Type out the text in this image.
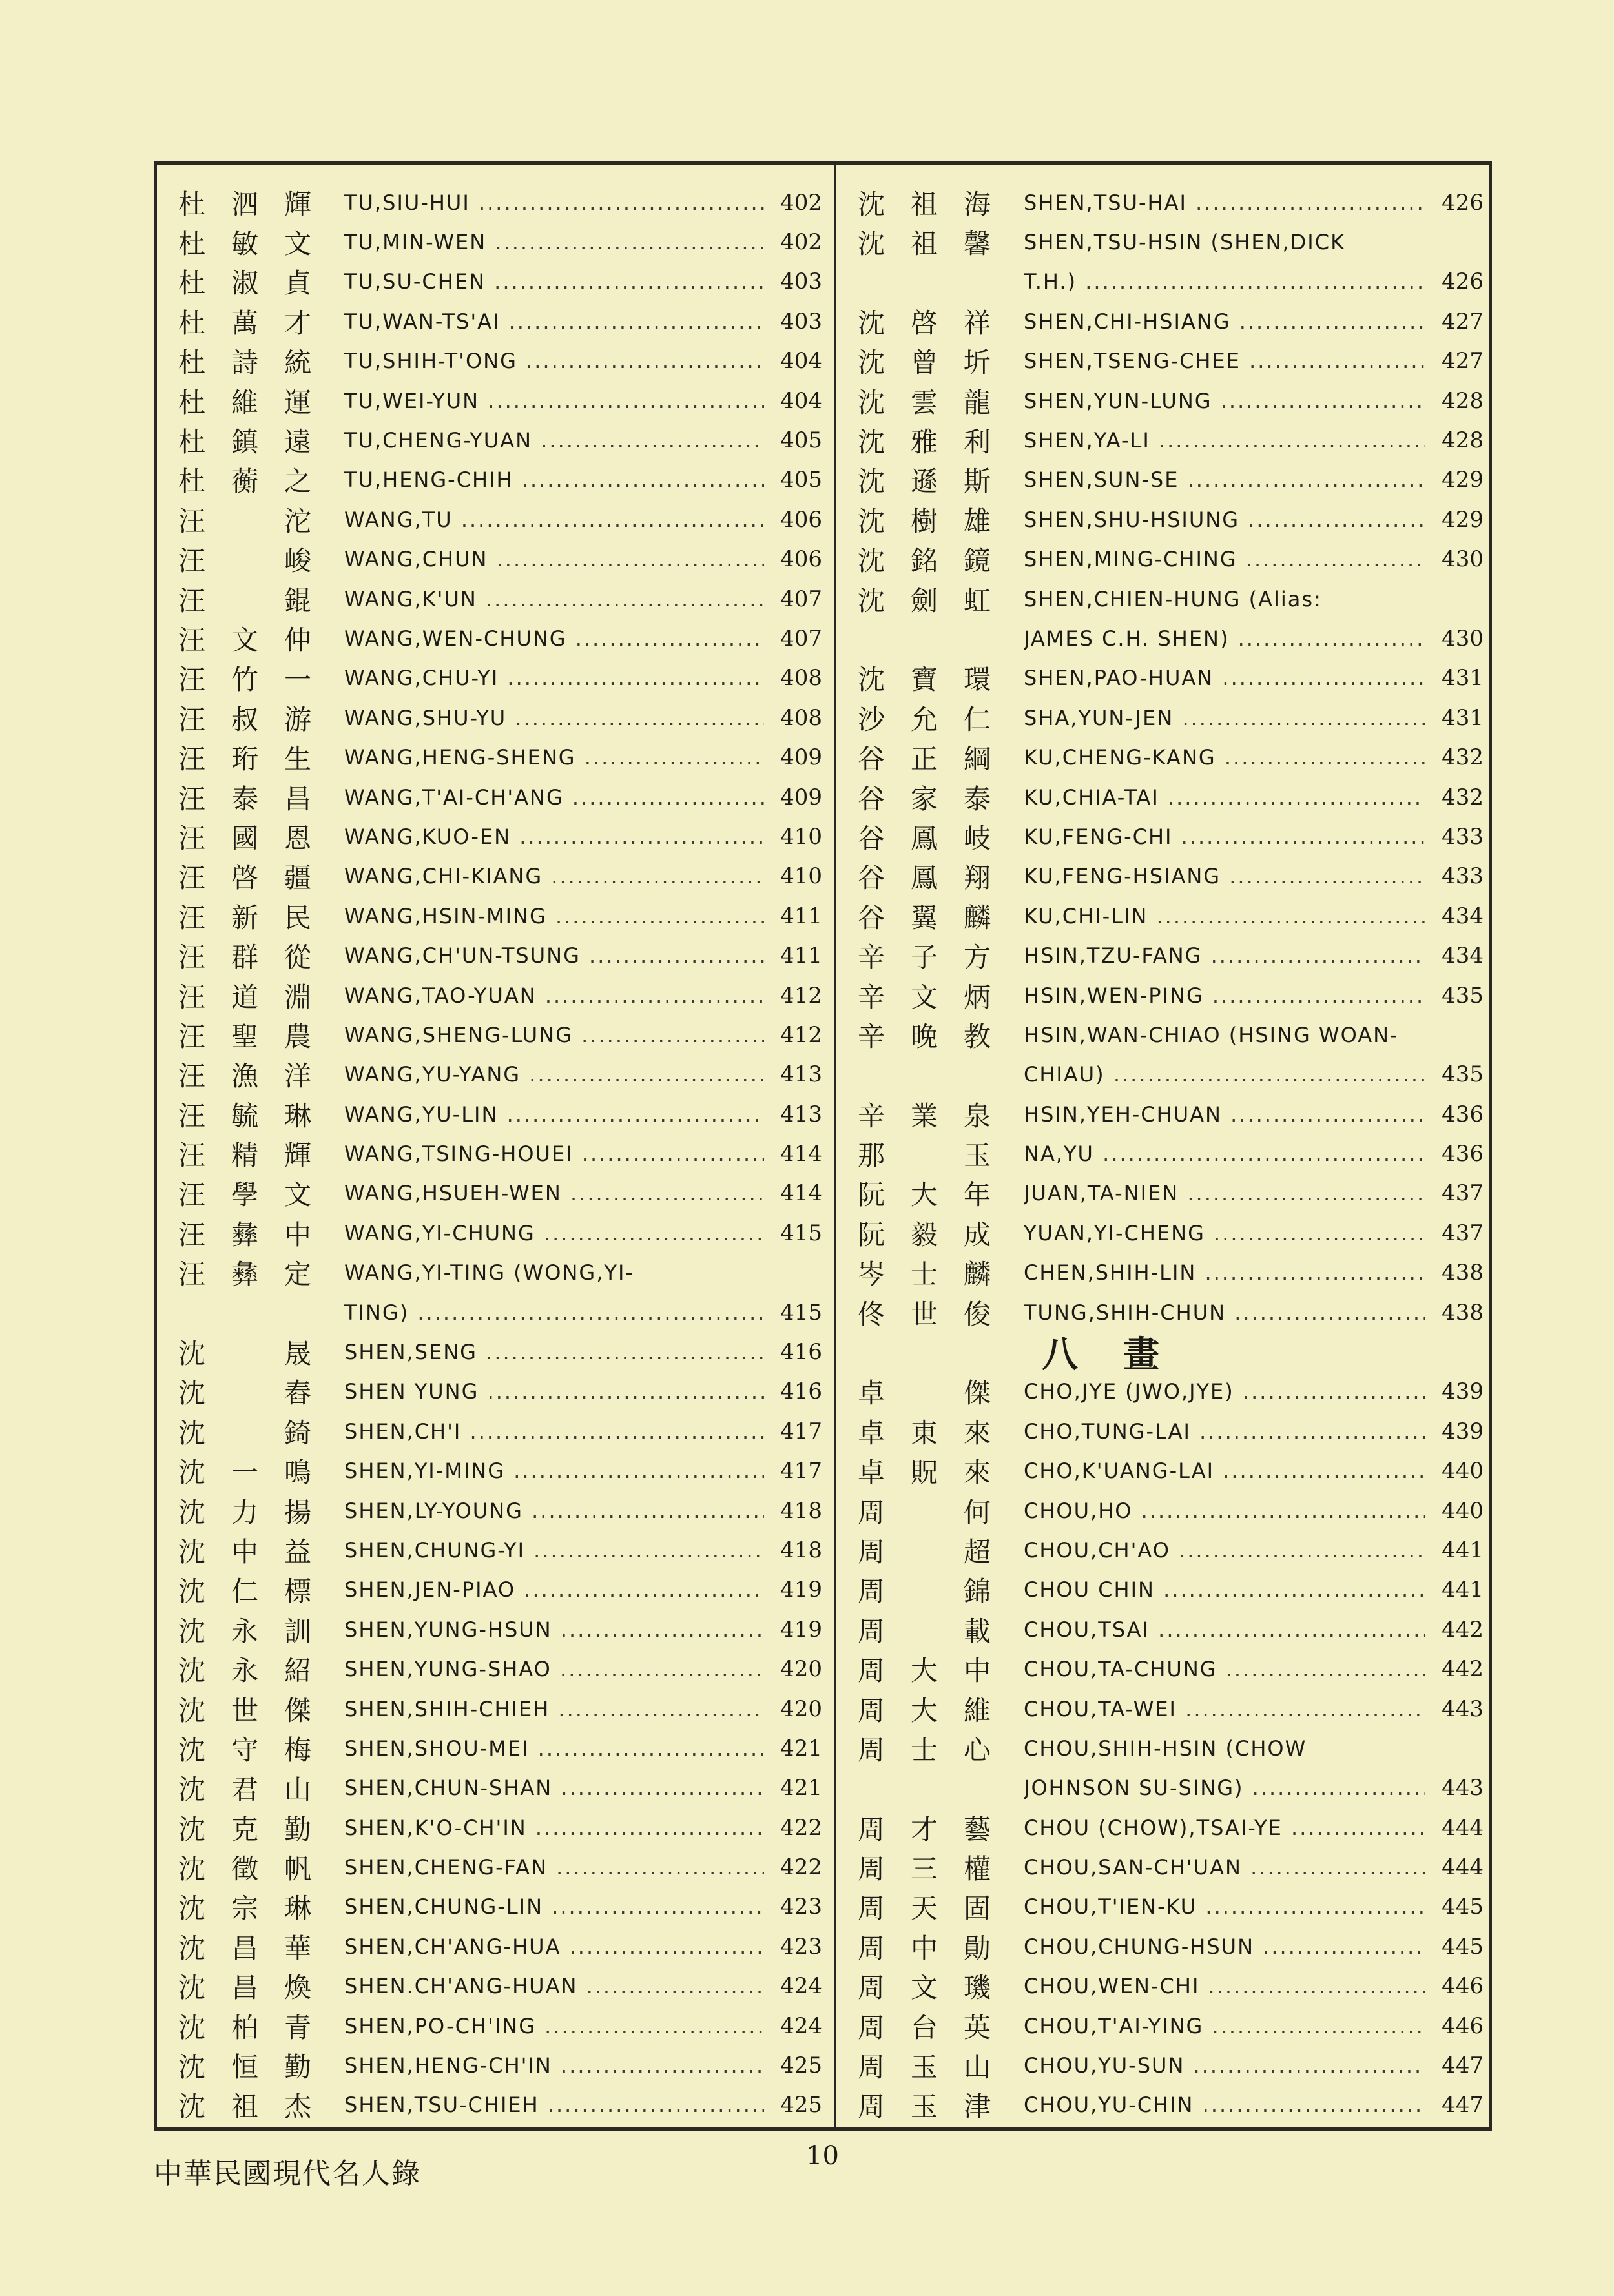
杜 泗 輝	TU,SIU-HUI .....	402
杜 敏 文	TU,MIN-WEN .....	402
杜 淑 貞	TU,SU-CHEN .....	403
杜 萬 才	TU,WAN-TS'AI .....	403
杜 詩 統	TU,SHIH-T'ONG .....	404
杜 維 運	TU,WEI-YUN .....	404
杜 鎮 遠	TU,CHENG-YUAN .....	405
杜 蘅 之	TU,HENG-CHIH .....	405
汪	沱	WANG,TU .....	406
汪	峻	WANG,CHUN .....	406
汪	錕	WANG,K'UN .....	407
汪 文 仲	WANG,WEN-CHUNG .....	407
汪 竹 一	WANG,CHU-YI .....	408
汪 叔 游	WANG,SHU-YU .....	408
汪 珩 生	WANG,HENG-SHENG .....	409
汪 泰 昌	WANG,T'AI-CH'ANG .....	409
汪 國 恩	WANG,KUO-EN .....	410
汪 啓 疆	WANG,CHI-KIANG .....	410
汪 新 民	WANG,HSIN-MING .....	411
汪 群 從	WANG,CH'UN-TSUNG .....	411
汪 道 淵	WANG,TAO-YUAN .....	412
汪 聖 農	WANG,SHENG-LUNG .....	412
汪 漁 洋	WANG,YU-YANG .....	413
汪 毓 琳	WANG,YU-LIN .....	413
汪 精 輝	WANG,TSING-HOUEI .....	414
汪 學 文	WANG,HSUEH-WEN .....	414
汪 彝 中	WANG,YI-CHUNG .....	415
汪 彝 定	WANG,YI-TING (WONG,YI-
TING) .....	415
沈	晟	SHEN,SENG .....	416
沈	舂	SHEN YUNG .....	416
沈	錡	SHEN,CH'I .....	417
沈 一 鳴	SHEN,YI-MING .....	417
沈 力 揚	SHEN,LY-YOUNG .....	418
沈 中 益	SHEN,CHUNG-YI .....	418
沈 仁 標	SHEN,JEN-PIAO .....	419
沈 永 訓	SHEN,YUNG-HSUN .....	419
沈 永 紹	SHEN,YUNG-SHAO .....	420
沈 世 傑	SHEN,SHIH-CHIEH .....	420
沈 守 梅	SHEN,SHOU-MEI .....	421
沈 君 山	SHEN,CHUN-SHAN .....	421
沈 克 勤	SHEN,K'O-CH'IN .....	422
沈 徵 帆	SHEN,CHENG-FAN .....	422
沈 宗 琳	SHEN,CHUNG-LIN .....	423
沈 昌 華	SHEN,CH'ANG-HUA .....	423
沈 昌 煥	SHEN.CH'ANG-HUAN .....	424
沈 柏 青	SHEN,PO-CH'ING .....	424
沈 恒 勤	SHEN,HENG-CH'IN .....	425
沈 祖 杰	SHEN,TSU-CHIEH .....	425
沈 祖 海	SHEN,TSU-HAI .....	426
沈 祖 馨	SHEN,TSU-HSIN (SHEN,DICK
T.H.) .....	426
沈 啓 祥	SHEN,CHI-HSIANG .....	427
沈 曾 圻	SHEN,TSENG-CHEE .....	427
沈 雲 龍	SHEN,YUN-LUNG .....	428
沈 雅 利	SHEN,YA-LI .....	428
沈 遜 斯	SHEN,SUN-SE .....	429
沈 樹 雄	SHEN,SHU-HSIUNG .....	429
沈 銘 鏡	SHEN,MING-CHING .....	430
沈 劍 虹	SHEN,CHIEN-HUNG (Alias:
JAMES C.H. SHEN) .....	430
沈 寶 環	SHEN,PAO-HUAN .....	431
沙 允 仁	SHA,YUN-JEN .....	431
谷 正 綱	KU,CHENG-KANG .....	432
谷 家 泰	KU,CHIA-TAI .....	432
谷 鳳 岐	KU,FENG-CHI .....	433
谷 鳳 翔	KU,FENG-HSIANG .....	433
谷 翼 麟	KU,CHI-LIN .....	434
辛 子 方	HSIN,TZU-FANG .....	434
辛 文 炳	HSIN,WEN-PING .....	435
辛 晚 教	HSIN,WAN-CHIAO (HSING WOAN-
CHIAU) .....	435
辛 業 泉	HSIN,YEH-CHUAN .....	436
那	玉	NA,YU .....	436
阮 大 年	JUAN,TA-NIEN .....	437
阮 毅 成	YUAN,YI-CHENG .....	437
岑 士 麟	CHEN,SHIH-LIN .....	438
佟 世 俊	TUNG,SHIH-CHUN .....	438
八畫
卓	傑	CHO,JYE (JWO,JYE) .....	439
卓 東 來	CHO,TUNG-LAI .....	439
卓 貺 來	CHO,K'UANG-LAI .....	440
周	何	CHOU,HO .....	440
周	超	CHOU,CH'AO .....	441
周	錦	CHOU CHIN .....	441
周	載	CHOU,TSAI .....	442
周 大 中	CHOU,TA-CHUNG .....	442
周 大 維	CHOU,TA-WEI .....	443
周 士 心	CHOU,SHIH-HSIN (CHOW
JOHNSON SU-SING) .....	443
周 才 藝	CHOU (CHOW),TSAI-YE .....	444
周 三 權	CHOU,SAN-CH'UAN .....	444
周 天 固	CHOU,T'IEN-KU .....	445
周 中 勛	CHOU,CHUNG-HSUN .....	445
周 文 璣	CHOU,WEN-CHI .....	446
周 台 英	CHOU,T'AI-YING .....	446
周 玉 山	CHOU,YU-SUN .....	447
周 玉 津	CHOU,YU-CHIN .....	447
中華民國現代名人錄
10
